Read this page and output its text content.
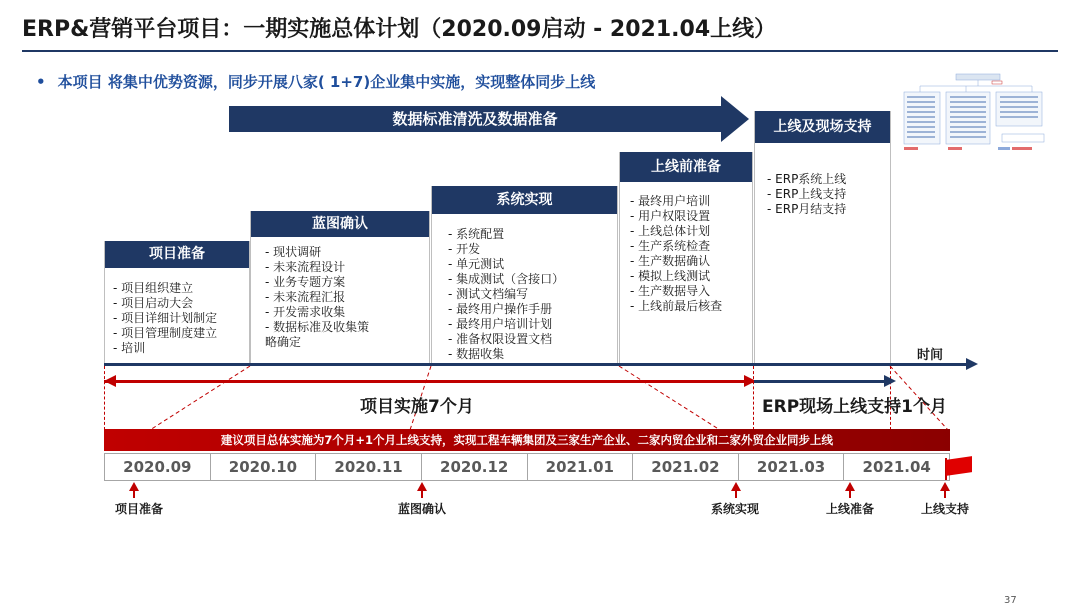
ERP&营销平台项目：一期实施总体计划（2020.09启动 - 2021.04上线）
• 本项目 将集中优势资源，同步开展八家( 1+7)企业集中实施，实现整体同步上线
数据标准清洗及数据准备
项目准备
- 项目组织建立
- 项目启动大会
- 项目详细计划制定
- 项目管理制度建立
- 培训
蓝图确认
- 现状调研
- 未来流程设计
- 业务专题方案
- 未来流程汇报
- 开发需求收集
- 数据标准及收集策
略确定
系统实现
- 系统配置
- 开发
- 单元测试
- 集成测试（含接口）
- 测试文档编写
- 最终用户操作手册
- 最终用户培训计划
- 准备权限设置文档
- 数据收集
上线前准备
- 最终用户培训
- 用户权限设置
- 上线总体计划
- 生产系统检查
- 生产数据确认
- 模拟上线测试
- 生产数据导入
- 上线前最后核查
上线及现场支持
- ERP系统上线
- ERP上线支持
- ERP月结支持
时间
项目实施7个月	ERP现场上线支持1个月
建议项目总体实施为7个月+1个月上线支持，实现工程车辆集团及三家生产企业、二家内贸企业和二家外贸企业同步上线
2020.09	2020.10	2020.11	2020.12	2021.01	2021.02	2021.03	2021.04
项目准备	蓝图确认	系统实现	上线准备	上线支持
37
